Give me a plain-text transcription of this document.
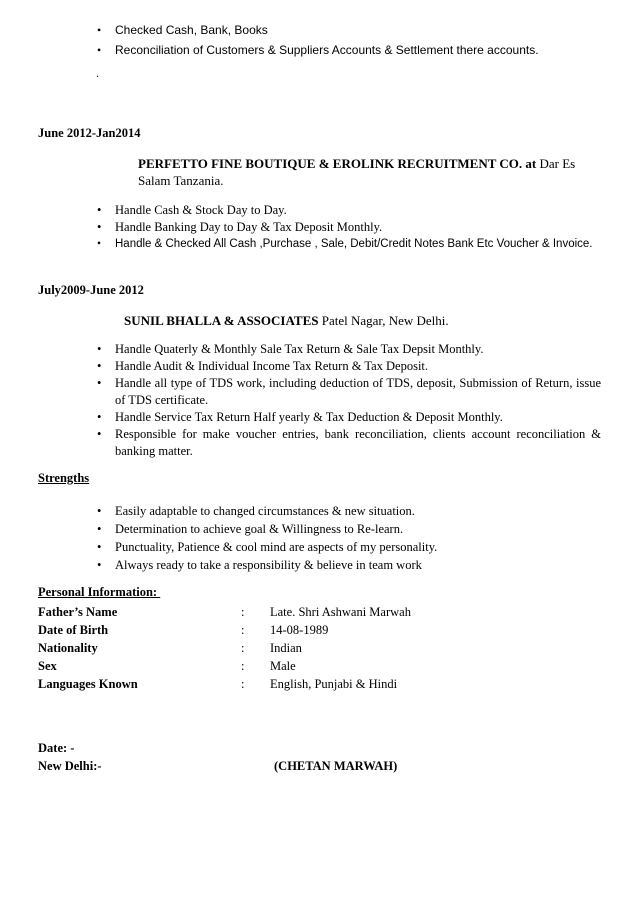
• Checked Cash, Bank, Books
• Reconciliation of Customers & Suppliers Accounts & Settlement there accounts.
.
June 2012-Jan2014
PERFETTO FINE BOUTIQUE & EROLINK RECRUITMENT CO. at Dar Es
Salam Tanzania.
• Handle Cash & Stock Day to Day.
• Handle Banking Day to Day & Tax Deposit Monthly.
• Handle & Checked All Cash ,Purchase , Sale, Debit/Credit Notes Bank Etc Voucher & Invoice.
July2009-June 2012
SUNIL BHALLA & ASSOCIATES Patel Nagar, New Delhi.
• Handle Quaterly & Monthly Sale Tax Return & Sale Tax Depsit Monthly.
• Handle Audit & Individual Income Tax Return & Tax Deposit.
• Handle all type of TDS work, including deduction of TDS, deposit, Submission of Return, issue of TDS certificate.
• Handle Service Tax Return Half yearly & Tax Deduction & Deposit Monthly.
• Responsible for make voucher entries, bank reconciliation, clients account reconciliation & banking matter.
Strengths
• Easily adaptable to changed circumstances & new situation.
• Determination to achieve goal & Willingness to Re-learn.
• Punctuality, Patience & cool mind are aspects of my personality.
• Always ready to take a responsibility & believe in team work
Personal Information:
Father’s Name	: Late. Shri Ashwani Marwah
Date of Birth	: 14-08-1989
Nationality	: Indian
Sex	: Male
Languages Known	: English, Punjabi & Hindi
Date: -
New Delhi:-	(CHETAN MARWAH)
